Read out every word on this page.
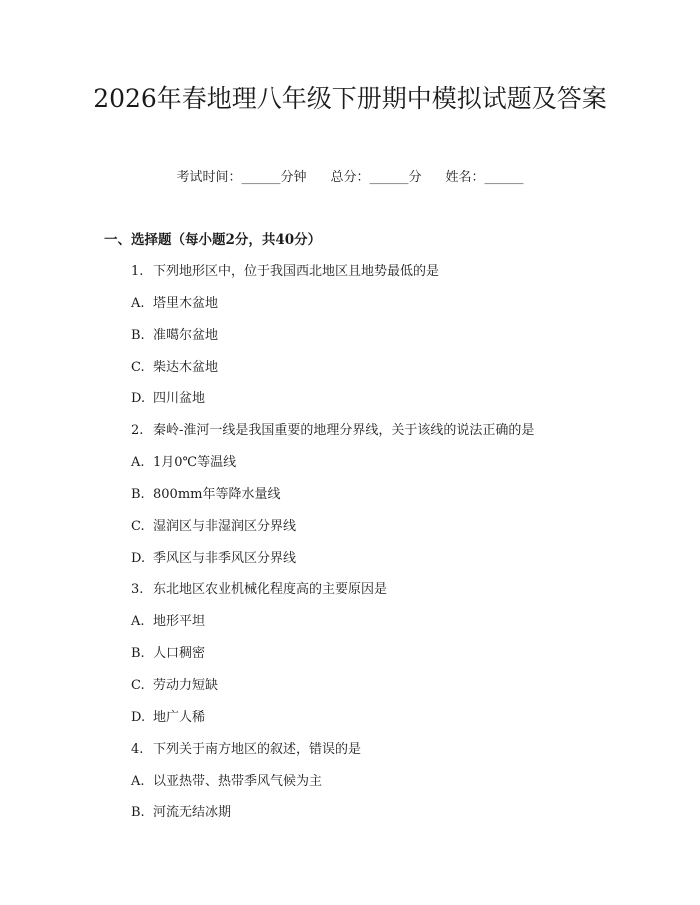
2026年春地理八年级下册期中模拟试题及答案
考试时间：______分钟 总分：______分 姓名：______
一、选择题（每小题2分，共40分）
1. 下列地形区中，位于我国西北地区且地势最低的是
A. 塔里木盆地
B. 准噶尔盆地
C. 柴达木盆地
D. 四川盆地
2. 秦岭-淮河一线是我国重要的地理分界线，关于该线的说法正确的是
A. 1月0℃等温线
B. 800mm年等降水量线
C. 湿润区与非湿润区分界线
D. 季风区与非季风区分界线
3. 东北地区农业机械化程度高的主要原因是
A. 地形平坦
B. 人口稠密
C. 劳动力短缺
D. 地广人稀
4. 下列关于南方地区的叙述，错误的是
A. 以亚热带、热带季风气候为主
B. 河流无结冰期
